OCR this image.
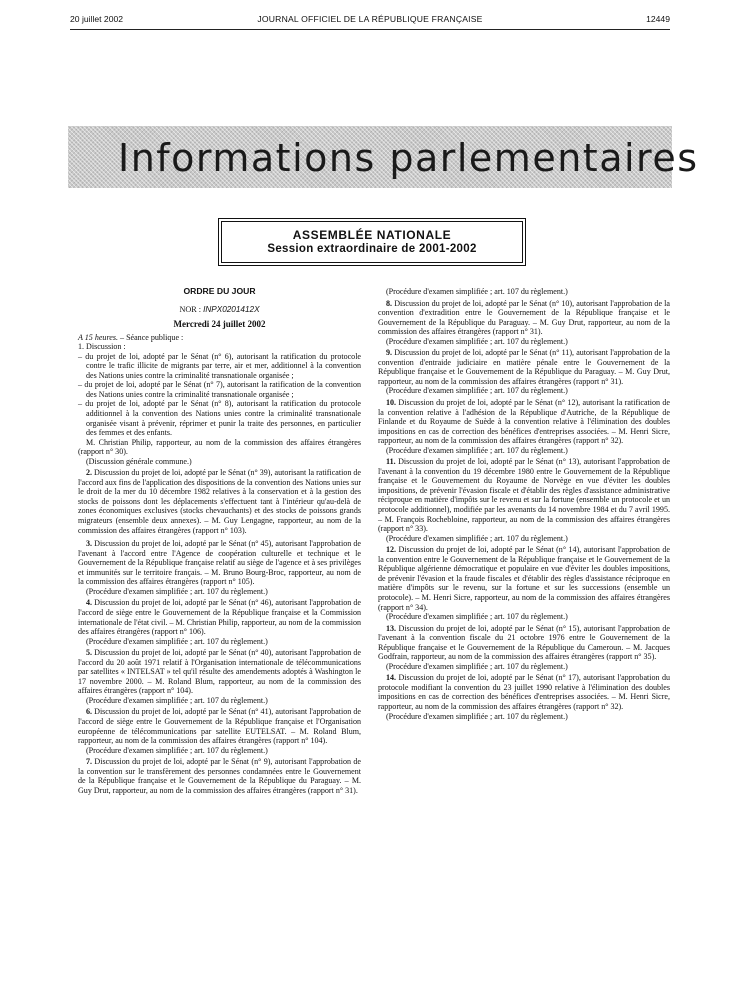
20 juillet 2002	JOURNAL OFFICIEL DE LA RÉPUBLIQUE FRANÇAISE	12449
Informations parlementaires
ASSEMBLÉE NATIONALE
Session extraordinaire de 2001-2002

ORDRE DU JOUR

NOR : INPX0201412X

Mercredi 24 juillet 2002

A 15 heures. – Séance publique :

1. Discussion :

– du projet de loi, adopté par le Sénat (n° 6), autorisant la ratification du protocole contre le trafic illicite de migrants par terre, air et mer, additionnel à la convention des Nations unies contre la criminalité transnationale organisée ;

– du projet de loi, adopté par le Sénat (n° 7), autorisant la ratification de la convention des Nations unies contre la criminalité transnationale organisée ;

– du projet de loi, adopté par le Sénat (n° 8), autorisant la ratification du protocole additionnel à la convention des Nations unies contre la criminalité transnationale organisée visant à prévenir, réprimer et punir la traite des personnes, en particulier des femmes et des enfants.

M. Christian Philip, rapporteur, au nom de la commission des affaires étrangères (rapport n° 30).

(Discussion générale commune.)

2. Discussion du projet de loi, adopté par le Sénat (n° 39), autorisant la ratification de l'accord aux fins de l'application des dispositions de la convention des Nations unies sur le droit de la mer du 10 décembre 1982 relatives à la conservation et à la gestion des stocks de poissons dont les déplacements s'effectuent tant à l'intérieur qu'au-delà de zones économiques exclusives (stocks chevauchants) et des stocks de poissons grands migrateurs (ensemble deux annexes). – M. Guy Lengagne, rapporteur, au nom de la commission des affaires étrangères (rapport n° 103).

3. Discussion du projet de loi, adopté par le Sénat (n° 45), autorisant l'approbation de l'avenant à l'accord entre l'Agence de coopération culturelle et technique et le Gouvernement de la République française relatif au siège de l'agence et à ses privilèges et immunités sur le territoire français. – M. Bruno Bourg-Broc, rapporteur, au nom de la commission des affaires étrangères (rapport n° 105).

(Procédure d'examen simplifiée ; art. 107 du règlement.)

4. Discussion du projet de loi, adopté par le Sénat (n° 46), autorisant l'approbation de l'accord de siège entre le Gouvernement de la République française et la Commission internationale de l'état civil. – M. Christian Philip, rapporteur, au nom de la commission des affaires étrangères (rapport n° 106).

(Procédure d'examen simplifiée ; art. 107 du règlement.)

5. Discussion du projet de loi, adopté par le Sénat (n° 40), autorisant l'approbation de l'accord du 20 août 1971 relatif à l'Organisation internationale de télécommunications par satellites « INTELSAT » tel qu'il résulte des amendements adoptés à Washington le 17 novembre 2000. – M. Roland Blum, rapporteur, au nom de la commission des affaires étrangères (rapport n° 104).

(Procédure d'examen simplifiée ; art. 107 du règlement.)

6. Discussion du projet de loi, adopté par le Sénat (n° 41), autorisant l'approbation de l'accord de siège entre le Gouvernement de la République française et l'Organisation européenne de télécommunications par satellite EUTELSAT. – M. Roland Blum, rapporteur, au nom de la commission des affaires étrangères (rapport n° 104).

(Procédure d'examen simplifiée ; art. 107 du règlement.)

7. Discussion du projet de loi, adopté par le Sénat (n° 9), autorisant l'approbation de la convention sur le transfèrement des personnes condamnées entre le Gouvernement de la République française et le Gouvernement de la République du Paraguay. – M. Guy Drut, rapporteur, au nom de la commission des affaires étrangères (rapport n° 31).

(Procédure d'examen simplifiée ; art. 107 du règlement.)

8. Discussion du projet de loi, adopté par le Sénat (n° 10), autorisant l'approbation de la convention d'extradition entre le Gouvernement de la République française et le Gouvernement de la République du Paraguay. – M. Guy Drut, rapporteur, au nom de la commission des affaires étrangères (rapport n° 31).

(Procédure d'examen simplifiée ; art. 107 du règlement.)

9. Discussion du projet de loi, adopté par le Sénat (n° 11), autorisant l'approbation de la convention d'entraide judiciaire en matière pénale entre le Gouvernement de la République française et le Gouvernement de la République du Paraguay. – M. Guy Drut, rapporteur, au nom de la commission des affaires étrangères (rapport n° 31).

(Procédure d'examen simplifiée ; art. 107 du règlement.)

10. Discussion du projet de loi, adopté par le Sénat (n° 12), autorisant la ratification de la convention relative à l'adhésion de la République d'Autriche, de la République de Finlande et du Royaume de Suède à la convention relative à l'élimination des doubles impositions en cas de correction des bénéfices d'entreprises associées. – M. Henri Sicre, rapporteur, au nom de la commission des affaires étrangères (rapport n° 32).

(Procédure d'examen simplifiée ; art. 107 du règlement.)

11. Discussion du projet de loi, adopté par le Sénat (n° 13), autorisant l'approbation de l'avenant à la convention du 19 décembre 1980 entre le Gouvernement de la République française et le Gouvernement du Royaume de Norvège en vue d'éviter les doubles impositions, de prévenir l'évasion fiscale et d'établir des règles d'assistance administrative réciproque en matière d'impôts sur le revenu et sur la fortune (ensemble un protocole et un protocole additionnel), modifiée par les avenants du 14 novembre 1984 et du 7 avril 1995. – M. François Rochebloine, rapporteur, au nom de la commission des affaires étrangères (rapport n° 33).

(Procédure d'examen simplifiée ; art. 107 du règlement.)

12. Discussion du projet de loi, adopté par le Sénat (n° 14), autorisant l'approbation de la convention entre le Gouvernement de la République française et le Gouvernement de la République algérienne démocratique et populaire en vue d'éviter les doubles impositions, de prévenir l'évasion et la fraude fiscales et d'établir des règles d'assistance réciproque en matière d'impôts sur le revenu, sur la fortune et sur les successions (ensemble un protocole). – M. Henri Sicre, rapporteur, au nom de la commission des affaires étrangères (rapport n° 34).

(Procédure d'examen simplifiée ; art. 107 du règlement.)

13. Discussion du projet de loi, adopté par le Sénat (n° 15), autorisant l'approbation de l'avenant à la convention fiscale du 21 octobre 1976 entre le Gouvernement de la République française et le Gouvernement de la République du Cameroun. – M. Jacques Godfrain, rapporteur, au nom de la commission des affaires étrangères (rapport n° 35).

(Procédure d'examen simplifiée ; art. 107 du règlement.)

14. Discussion du projet de loi, adopté par le Sénat (n° 17), autorisant l'approbation du protocole modifiant la convention du 23 juillet 1990 relative à l'élimination des doubles impositions en cas de correction des bénéfices d'entreprises associées. – M. Henri Sicre, rapporteur, au nom de la commission des affaires étrangères (rapport n° 32).

(Procédure d'examen simplifiée ; art. 107 du règlement.)
